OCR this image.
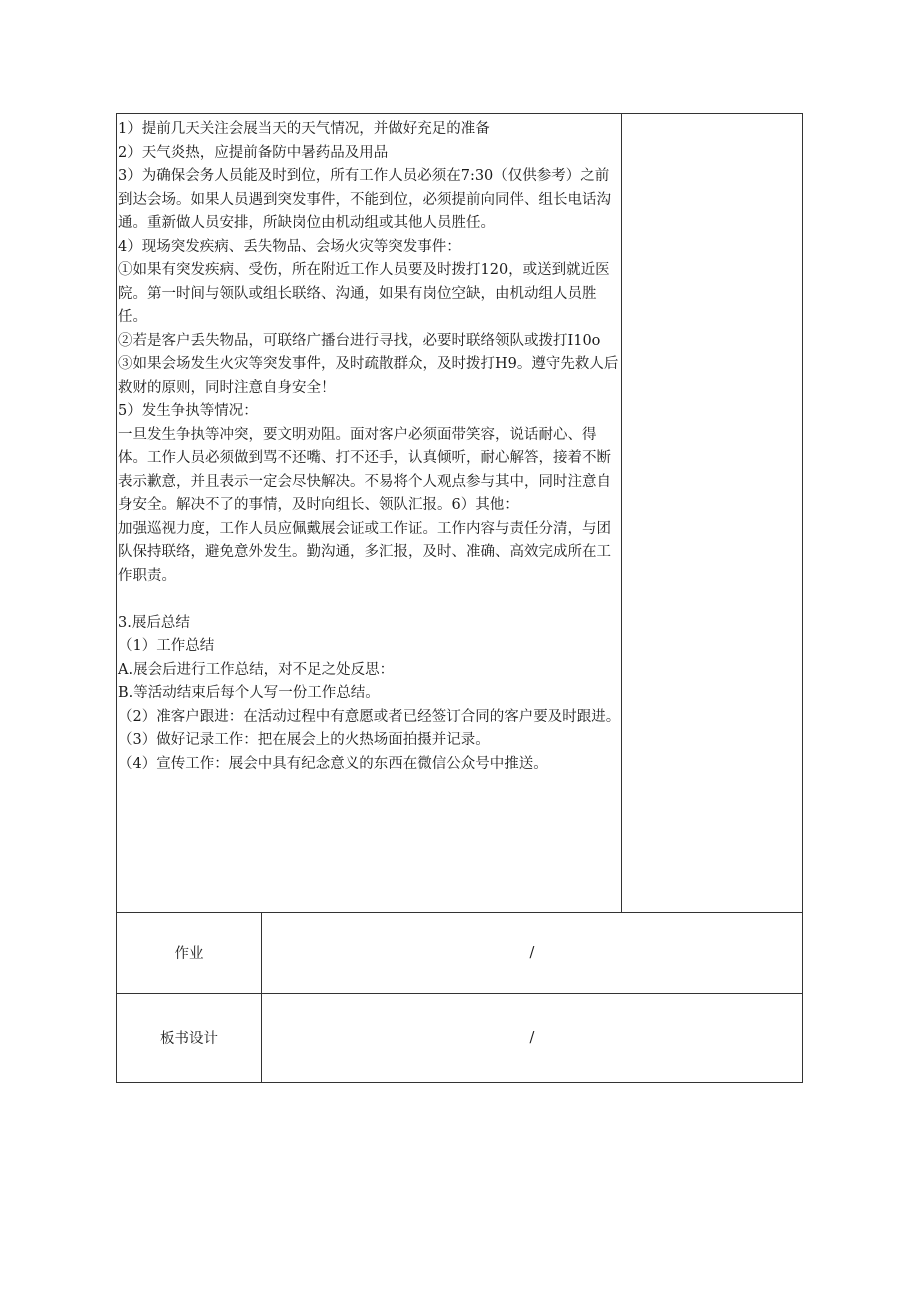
1）提前几天关注会展当天的天气情况，并做好充足的准备

2）天气炎热，应提前备防中暑药品及用品

3）为确保会务人员能及时到位，所有工作人员必须在7:30（仅供参考）之前到达会场。如果人员遇到突发事件，不能到位，必须提前向同伴、组长电话沟通。重新做人员安排，所缺岗位由机动组或其他人员胜任。

4）现场突发疾病、丢失物品、会场火灾等突发事件：

①如果有突发疾病、受伤，所在附近工作人员要及时拨打120，或送到就近医院。第一时间与领队或组长联络、沟通，如果有岗位空缺，由机动组人员胜任。

②若是客户丢失物品，可联络广播台进行寻找，必要时联络领队或拨打I10o

③如果会场发生火灾等突发事件，及时疏散群众，及时拨打H9。遵守先救人后救财的原则，同时注意自身安全！

5）发生争执等情况：

一旦发生争执等冲突，要文明劝阻。面对客户必须面带笑容，说话耐心、得体。工作人员必须做到骂不还嘴、打不还手，认真倾听，耐心解答，接着不断表示歉意，并且表示一定会尽快解决。不易将个人观点参与其中，同时注意自身安全。解决不了的事情，及时向组长、领队汇报。6）其他：

加强巡视力度，工作人员应佩戴展会证或工作证。工作内容与责任分清，与团队保持联络，避免意外发生。勤沟通，多汇报，及时、准确、高效完成所在工作职责。

3.展后总结

（1）工作总结

A.展会后进行工作总结，对不足之处反思：

B.等活动结束后每个人写一份工作总结。

（2）准客户跟进：在活动过程中有意愿或者已经签订合同的客户要及时跟进。

（3）做好记录工作：把在展会上的火热场面拍摄并记录。

（4）宣传工作：展会中具有纪念意义的东西在微信公众号中推送。

作业	/
板书设计	/
